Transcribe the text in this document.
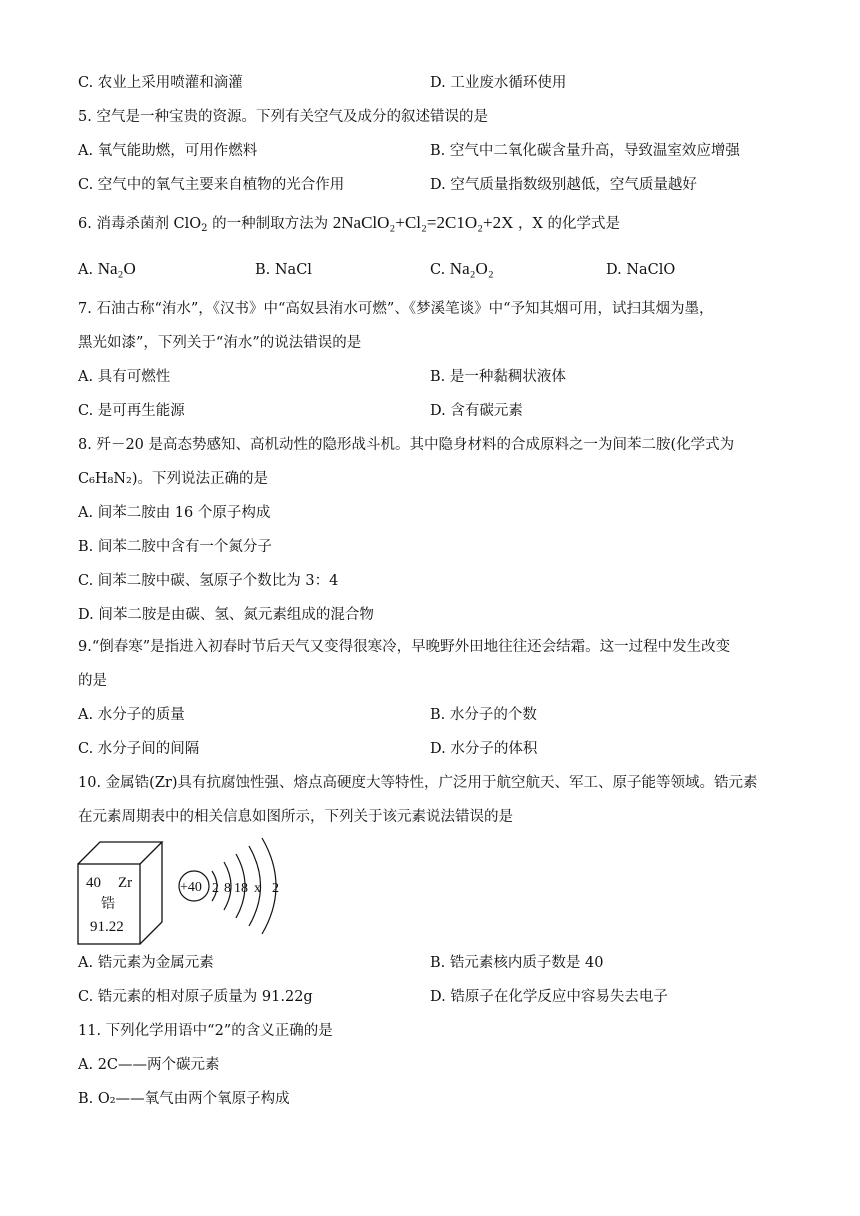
C. 农业上采用喷灌和滴灌	D. 工业废水循环使用
5. 空气是一种宝贵的资源。下列有关空气及成分的叙述错误的是
A. 氧气能助燃，可用作燃料	B. 空气中二氧化碳含量升高，导致温室效应增强
C. 空气中的氧气主要来自植物的光合作用	D. 空气质量指数级别越低，空气质量越好
6. 消毒杀菌剂 ClO$_2$ 的一种制取方法为 2NaClO₂+Cl₂=2C1O₂+2X ，X 的化学式是
A. Na₂O	B. NaCl	C. Na₂O₂	D. NaClO
7. 石油古称“洧水”，《汉书》中“高奴县洧水可燃”、《梦溪笔谈》中“予知其烟可用，试扫其烟为墨，
黑光如漆”，下列关于“洧水”的说法错误的是
A. 具有可燃性	B. 是一种黏稠状液体
C. 是可再生能源	D. 含有碳元素
8. 歼－20 是高态势感知、高机动性的隐形战斗机。其中隐身材料的合成原料之一为间苯二胺(化学式为
C₆H₈N₂)。下列说法正确的是
A. 间苯二胺由 16 个原子构成
B. 间苯二胺中含有一个氮分子
C. 间苯二胺中碳、氢原子个数比为 3：4
D. 间苯二胺是由碳、氢、氮元素组成的混合物
9.“倒春寒”是指进入初春时节后天气又变得很寒冷，早晚野外田地往往还会结霜。这一过程中发生改变
的是
A. 水分子的质量	B. 水分子的个数
C. 水分子间的间隔	D. 水分子的体积
10. 金属锆(Zr)具有抗腐蚀性强、熔点高硬度大等特性，广泛用于航空航天、军工、原子能等领域。锆元素
在元素周期表中的相关信息如图所示，下列关于该元素说法错误的是
40 Zr
锆
91.22
+40 2 8 18 x 2
A. 锆元素为金属元素	B. 锆元素核内质子数是 40
C. 锆元素的相对原子质量为 91.22g	D. 锆原子在化学反应中容易失去电子
11. 下列化学用语中“2”的含义正确的是
A. 2C——两个碳元素
B. O₂——氧气由两个氧原子构成
